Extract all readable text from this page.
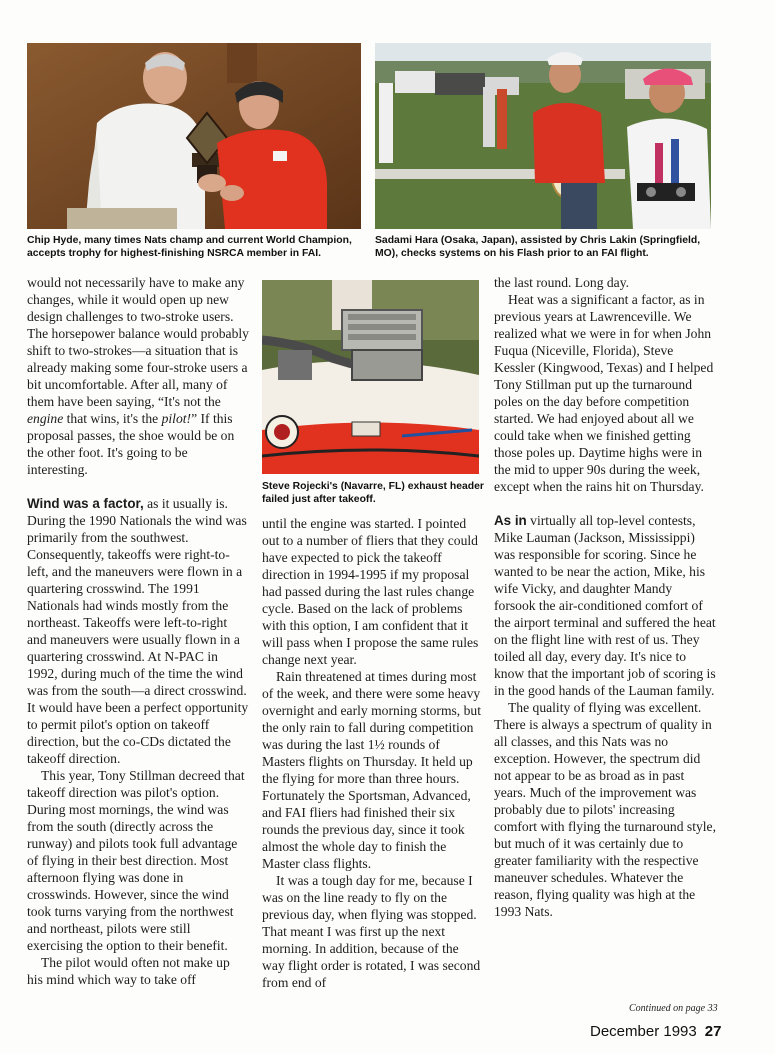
Chip Hyde, many times Nats champ and current World Champion, accepts trophy for highest-finishing NSRCA member in FAI.
Sadami Hara (Osaka, Japan), assisted by Chris Lakin (Springfield, MO), checks systems on his Flash prior to an FAI flight.
Steve Rojecki's (Navarre, FL) exhaust header failed just after takeoff.

would not necessarily have to make any changes, while it would open up new design challenges to two-stroke users. The horsepower balance would probably shift to two-strokes—a situation that is already making some four-stroke users a bit uncomfortable. After all, many of them have been saying, “It's not the engine that wins, it's the pilot!” If this proposal passes, the shoe would be on the other foot. It's going to be interesting.

Wind was a factor, as it usually is. During the 1990 Nationals the wind was primarily from the southwest. Consequently, takeoffs were right-to-left, and the maneuvers were flown in a quartering crosswind. The 1991 Nationals had winds mostly from the northeast. Takeoffs were left-to-right and maneuvers were usually flown in a quartering crosswind. At N-PAC in 1992, during much of the time the wind was from the south—a direct crosswind. It would have been a perfect opportunity to permit pilot's option on takeoff direction, but the co-CDs dictated the takeoff direction.

This year, Tony Stillman decreed that takeoff direction was pilot's option. During most mornings, the wind was from the south (directly across the runway) and pilots took full advantage of flying in their best direction. Most afternoon flying was done in crosswinds. However, since the wind took turns varying from the northwest and northeast, pilots were still exercising the option to their benefit.

The pilot would often not make up his mind which way to take off

until the engine was started. I pointed out to a number of fliers that they could have expected to pick the takeoff direction in 1994-1995 if my proposal had passed during the last rules change cycle. Based on the lack of problems with this option, I am confident that it will pass when I propose the same rules change next year.

Rain threatened at times during most of the week, and there were some heavy overnight and early morning storms, but the only rain to fall during competition was during the last 1½ rounds of Masters flights on Thursday. It held up the flying for more than three hours. Fortunately the Sportsman, Advanced, and FAI fliers had finished their six rounds the previous day, since it took almost the whole day to finish the Master class flights.

It was a tough day for me, because I was on the line ready to fly on the previous day, when flying was stopped. That meant I was first up the next morning. In addition, because of the way flight order is rotated, I was second from end of

the last round. Long day.

Heat was a significant a factor, as in previous years at Lawrenceville. We realized what we were in for when John Fuqua (Niceville, Florida), Steve Kessler (Kingwood, Texas) and I helped Tony Stillman put up the turnaround poles on the day before competition started. We had enjoyed about all we could take when we finished getting those poles up. Daytime highs were in the mid to upper 90s during the week, except when the rains hit on Thursday.

As in virtually all top-level contests, Mike Lauman (Jackson, Mississippi) was responsible for scoring. Since he wanted to be near the action, Mike, his wife Vicky, and daughter Mandy forsook the air-conditioned comfort of the airport terminal and suffered the heat on the flight line with rest of us. They toiled all day, every day. It's nice to know that the important job of scoring is in the good hands of the Lauman family.

The quality of flying was excellent. There is always a spectrum of quality in all classes, and this Nats was no exception. However, the spectrum did not appear to be as broad as in past years. Much of the improvement was probably due to pilots' increasing comfort with flying the turnaround style, but much of it was certainly due to greater familiarity with the respective maneuver schedules. Whatever the reason, flying quality was high at the 1993 Nats.

Continued on page 33
December 1993 27
